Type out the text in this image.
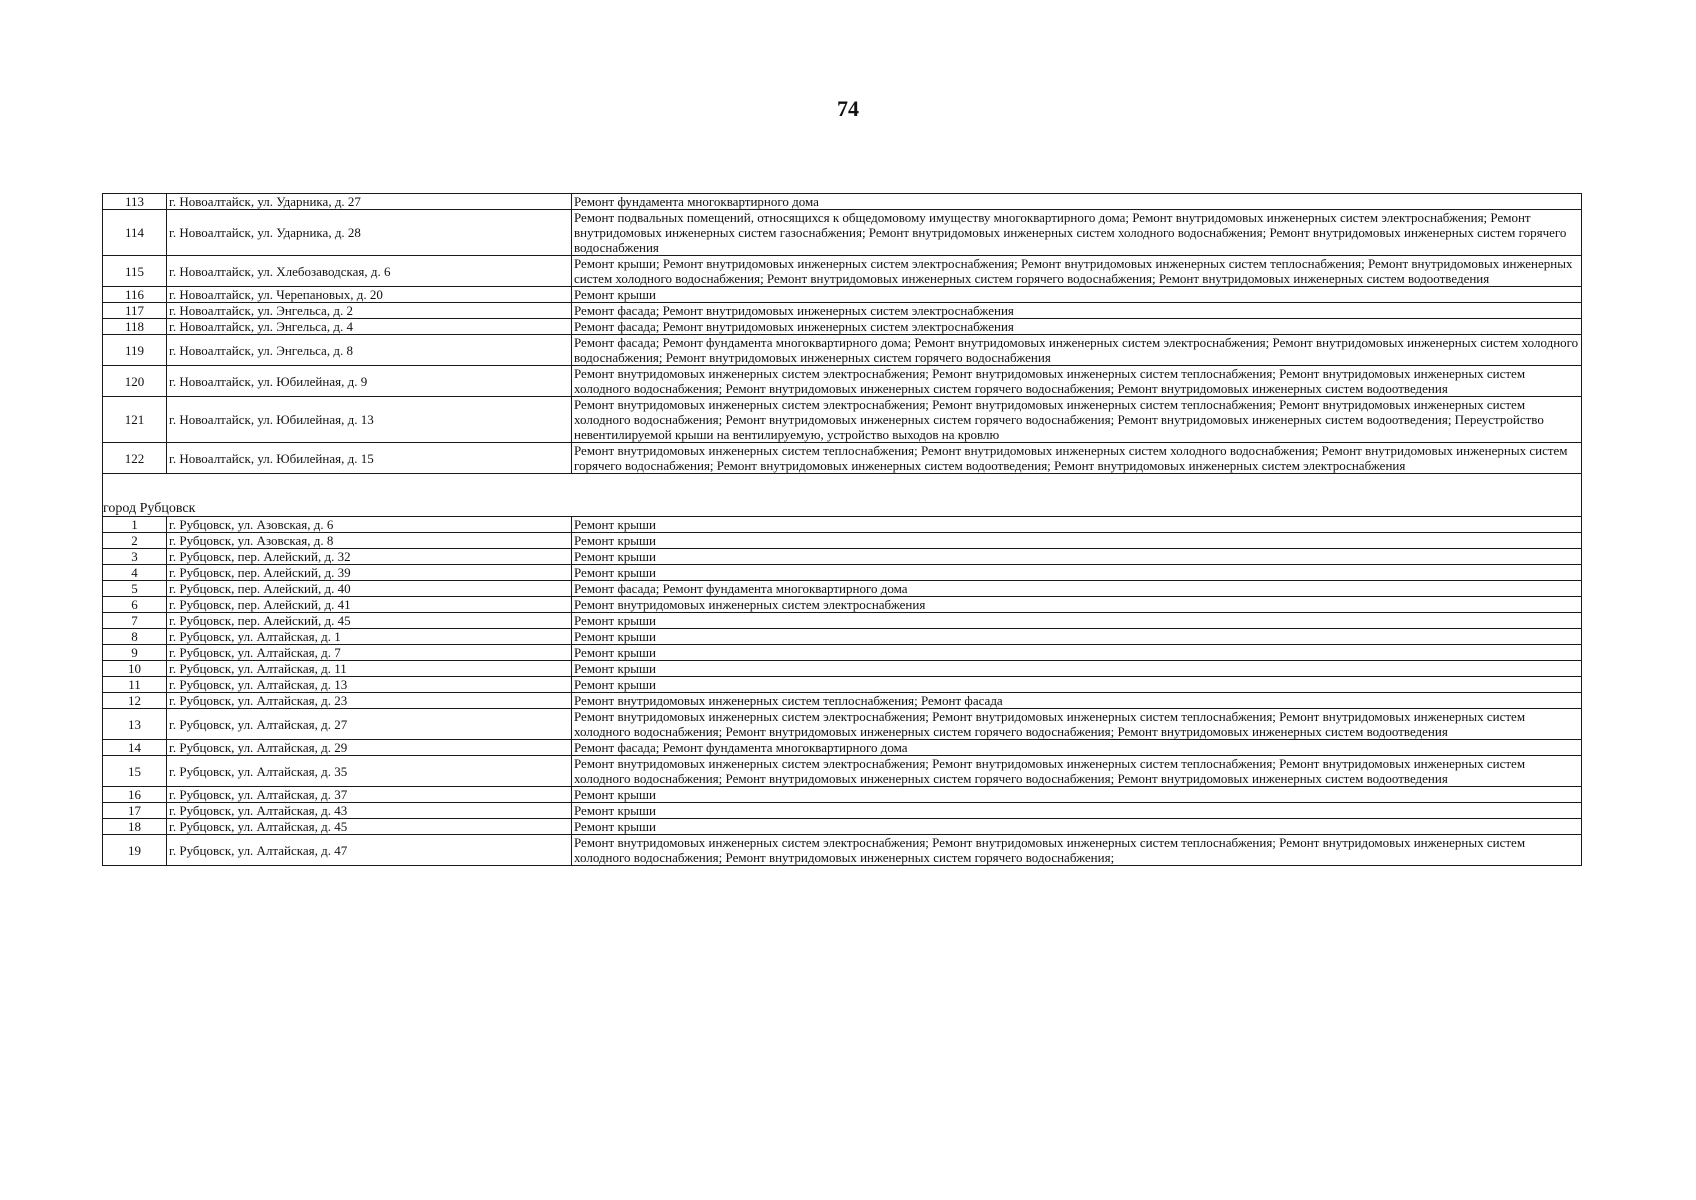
74
113	г. Новоалтайск, ул. Ударника, д. 27	Ремонт фундамента многоквартирного дома
114	г. Новоалтайск, ул. Ударника, д. 28	Ремонт подвальных помещений, относящихся к общедомовому имуществу многоквартирного дома; Ремонт внутридомовых инженерных систем электроснабжения; Ремонт внутридомовых инженерных систем газоснабжения; Ремонт внутридомовых инженерных систем холодного водоснабжения; Ремонт внутридомовых инженерных систем горячего водоснабжения
115	г. Новоалтайск, ул. Хлебозаводская, д. 6	Ремонт крыши; Ремонт внутридомовых инженерных систем электроснабжения; Ремонт внутридомовых инженерных систем теплоснабжения; Ремонт внутридомовых инженерных систем холодного водоснабжения; Ремонт внутридомовых инженерных систем горячего водоснабжения; Ремонт внутридомовых инженерных систем водоотведения
116	г. Новоалтайск, ул. Черепановых, д. 20	Ремонт крыши
117	г. Новоалтайск, ул. Энгельса, д. 2	Ремонт фасада; Ремонт внутридомовых инженерных систем электроснабжения
118	г. Новоалтайск, ул. Энгельса, д. 4	Ремонт фасада; Ремонт внутридомовых инженерных систем электроснабжения
119	г. Новоалтайск, ул. Энгельса, д. 8	Ремонт фасада; Ремонт фундамента многоквартирного дома; Ремонт внутридомовых инженерных систем электроснабжения; Ремонт внутридомовых инженерных систем холодного водоснабжения; Ремонт внутридомовых инженерных систем горячего водоснабжения
120	г. Новоалтайск, ул. Юбилейная, д. 9	Ремонт внутридомовых инженерных систем электроснабжения; Ремонт внутридомовых инженерных систем теплоснабжения; Ремонт внутридомовых инженерных систем холодного водоснабжения; Ремонт внутридомовых инженерных систем горячего водоснабжения; Ремонт внутридомовых инженерных систем водоотведения
121	г. Новоалтайск, ул. Юбилейная, д. 13	Ремонт внутридомовых инженерных систем электроснабжения; Ремонт внутридомовых инженерных систем теплоснабжения; Ремонт внутридомовых инженерных систем холодного водоснабжения; Ремонт внутридомовых инженерных систем горячего водоснабжения; Ремонт внутридомовых инженерных систем водоотведения; Переустройство невентилируемой крыши на вентилируемую, устройство выходов на кровлю
122	г. Новоалтайск, ул. Юбилейная, д. 15	Ремонт внутридомовых инженерных систем теплоснабжения; Ремонт внутридомовых инженерных систем холодного водоснабжения; Ремонт внутридомовых инженерных систем горячего водоснабжения; Ремонт внутридомовых инженерных систем водоотведения; Ремонт внутридомовых инженерных систем электроснабжения
город Рубцовск		
1	г. Рубцовск, ул. Азовская, д. 6	Ремонт крыши
2	г. Рубцовск, ул. Азовская, д. 8	Ремонт крыши
3	г. Рубцовск, пер. Алейский, д. 32	Ремонт крыши
4	г. Рубцовск, пер. Алейский, д. 39	Ремонт крыши
5	г. Рубцовск, пер. Алейский, д. 40	Ремонт фасада; Ремонт фундамента многоквартирного дома
6	г. Рубцовск, пер. Алейский, д. 41	Ремонт внутридомовых инженерных систем электроснабжения
7	г. Рубцовск, пер. Алейский, д. 45	Ремонт крыши
8	г. Рубцовск, ул. Алтайская, д. 1	Ремонт крыши
9	г. Рубцовск, ул. Алтайская, д. 7	Ремонт крыши
10	г. Рубцовск, ул. Алтайская, д. 11	Ремонт крыши
11	г. Рубцовск, ул. Алтайская, д. 13	Ремонт крыши
12	г. Рубцовск, ул. Алтайская, д. 23	Ремонт внутридомовых инженерных систем теплоснабжения; Ремонт фасада
13	г. Рубцовск, ул. Алтайская, д. 27	Ремонт внутридомовых инженерных систем электроснабжения; Ремонт внутридомовых инженерных систем теплоснабжения; Ремонт внутридомовых инженерных систем холодного водоснабжения; Ремонт внутридомовых инженерных систем горячего водоснабжения; Ремонт внутридомовых инженерных систем водоотведения
14	г. Рубцовск, ул. Алтайская, д. 29	Ремонт фасада; Ремонт фундамента многоквартирного дома
15	г. Рубцовск, ул. Алтайская, д. 35	Ремонт внутридомовых инженерных систем электроснабжения; Ремонт внутридомовых инженерных систем теплоснабжения; Ремонт внутридомовых инженерных систем холодного водоснабжения; Ремонт внутридомовых инженерных систем горячего водоснабжения; Ремонт внутридомовых инженерных систем водоотведения
16	г. Рубцовск, ул. Алтайская, д. 37	Ремонт крыши
17	г. Рубцовск, ул. Алтайская, д. 43	Ремонт крыши
18	г. Рубцовск, ул. Алтайская, д. 45	Ремонт крыши
19	г. Рубцовск, ул. Алтайская, д. 47	Ремонт внутридомовых инженерных систем электроснабжения; Ремонт внутридомовых инженерных систем теплоснабжения; Ремонт внутридомовых инженерных систем холодного водоснабжения; Ремонт внутридомовых инженерных систем горячего водоснабжения;
